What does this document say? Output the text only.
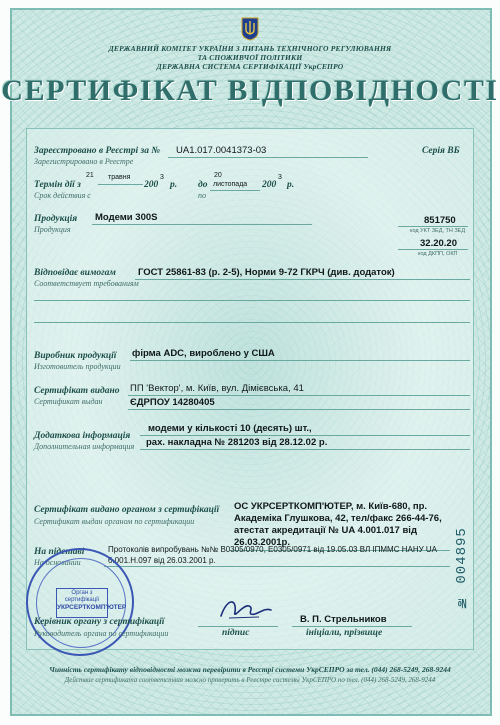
ДЕРЖАВНИЙ КОМІТЕТ УКРАЇНИ З ПИТАНЬ ТЕХНІЧНОГО РЕГУЛЮВАННЯ
ТА СПОЖИВЧОЇ ПОЛІТИКИ
ДЕРЖАВНА СИСТЕМА СЕРТИФІКАЦІЇ УкрСЕПРО
СЕРТИФІКАТ ВІДПОВІДНОСТІ
Зареєстровано в Реєстрі за №
Зарегистрировано в Реестре
UA1.017.0041373-03	Серія ВБ
Термін дії з
Срок действия с
21 травня
200
3
р. до
по
20
листопада 200
3
р.
Продукція
Продукция
Модеми 300S	851750
код УКТ ЗЕД, ТН ЗЕД
32.20.20
код ДКПП, ОКП
Відповідає вимогам
Соответствует требованиям
ГОСТ 25861-83 (р. 2-5), Норми 9-72 ГКРЧ (див. додаток)
Виробник продукції
Изготовитель продукции
фірма ADC, вироблено у США
Сертифікат видано
Сертификат выдан
ПП 'Вектор', м. Київ, вул. Дімієвська, 41
ЄДРПОУ 14280405
Додаткова інформація
Дополнительная информация
модеми у кількості 10 (десять) шт.,
рах. накладна № 281203 від 28.12.02 р.
Сертифікат видано органом з сертифікації
Сертификат выдан органом по сертификации
ОС УКРСЕРТКОМП'ЮТЕР, м. Київ-680, пр.
Академіка Глушкова, 42, тел/факс 266-44-76,
атестат акредитації № UA 4.001.017 від
26.03.2001р.
На підставі
На основании
Протоколів випробувань №№ В0305/0970, Е0305/0971 від 19.05.03 ВЛ ІПММС НАНУ UA
6.001.Н.097 від 26.03.2001 р.
Орган з
сертифікації
УКРСЕРТКОМП'ЮТЕР
Керівник органу з сертифікації
Руководитель органа по сертификации	підпис
В. П. Стрельников
ініціали, прізвище
№ 004895
Чинність сертифікату відповідності можна перевірити в Реєстрі системи УкрСЕПРО за тел. (044) 268-5249, 268-9244
Действие сертификата соответствия можно проверить в Реестре системы УкрСЕПРО по тел. (044) 268-5249, 268-9244
